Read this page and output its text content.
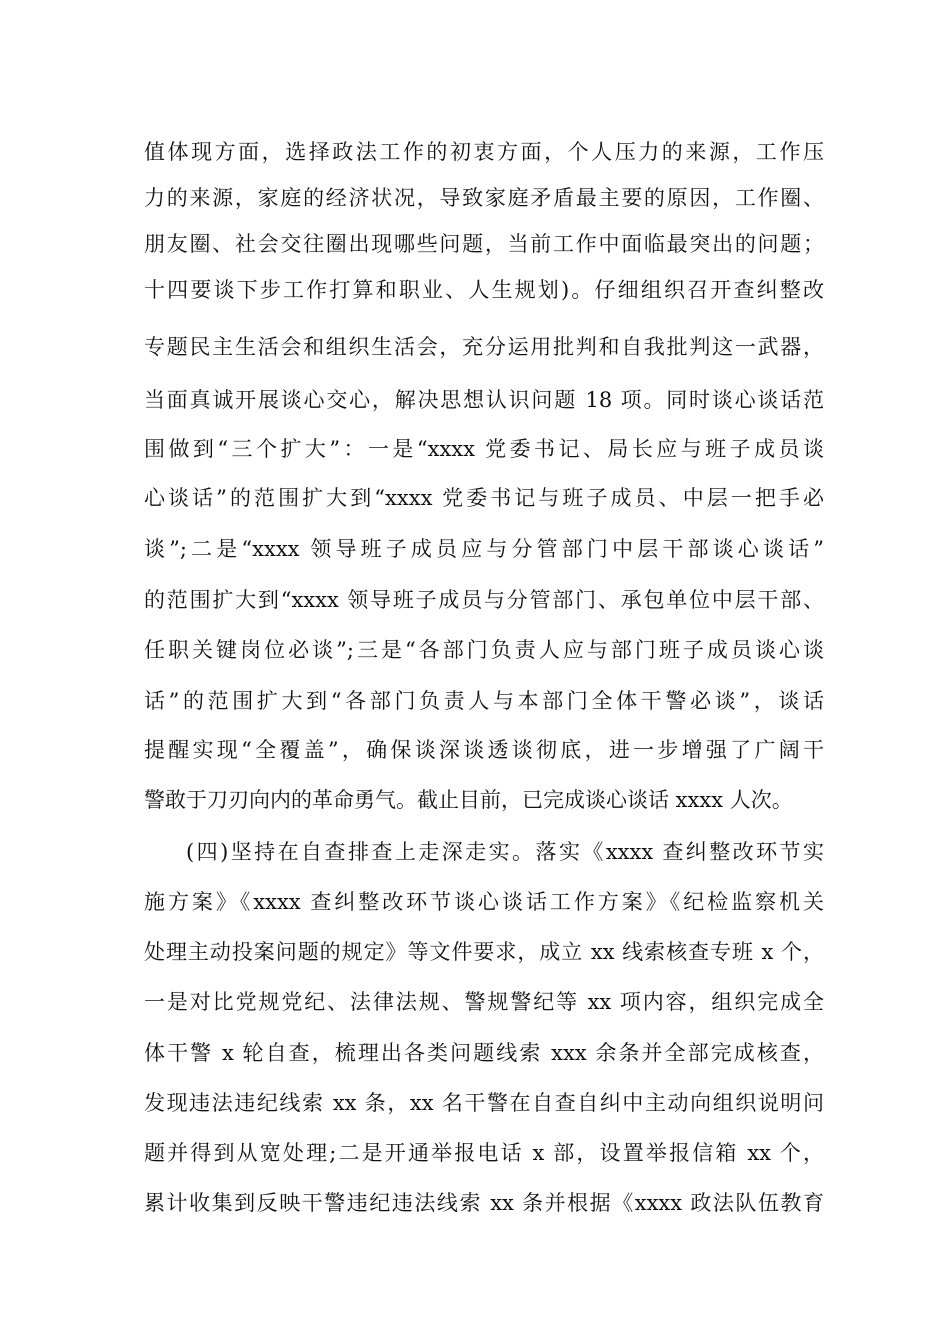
值体现方面，选择政法工作的初衷方面，个人压力的来源，工作压
力的来源，家庭的经济状况，导致家庭矛盾最主要的原因，工作圈、
朋友圈、社会交往圈出现哪些问题，当前工作中面临最突出的问题；
十四要谈下步工作打算和职业、人生规划)。仔细组织召开查纠整改
专题民主生活会和组织生活会，充分运用批判和自我批判这一武器，
当面真诚开展谈心交心，解决思想认识问题 18 项。同时谈心谈话范
围做到“三个扩大”：一是“xxxx 党委书记、局长应与班子成员谈
心谈话”的范围扩大到“xxxx 党委书记与班子成员、中层一把手必
谈”;二是“xxxx 领导班子成员应与分管部门中层干部谈心谈话”
的范围扩大到“xxxx 领导班子成员与分管部门、承包单位中层干部、
任职关键岗位必谈”;三是“各部门负责人应与部门班子成员谈心谈
话”的范围扩大到“各部门负责人与本部门全体干警必谈”，谈话
提醒实现“全覆盖”，确保谈深谈透谈彻底，进一步增强了广阔干
警敢于刀刃向内的革命勇气。截止目前，已完成谈心谈话 xxxx 人次。
(四)坚持在自查排查上走深走实。落实《xxxx 查纠整改环节实
施方案》《xxxx 查纠整改环节谈心谈话工作方案》《纪检监察机关
处理主动投案问题的规定》等文件要求，成立 xx 线索核查专班 x 个，
一是对比党规党纪、法律法规、警规警纪等 xx 项内容，组织完成全
体干警 x 轮自查，梳理出各类问题线索 xxx 余条并全部完成核查，
发现违法违纪线索 xx 条，xx 名干警在自查自纠中主动向组织说明问
题并得到从宽处理;二是开通举报电话 x 部，设置举报信箱 xx 个，
累计收集到反映干警违纪违法线索 xx 条并根据《xxxx 政法队伍教育
